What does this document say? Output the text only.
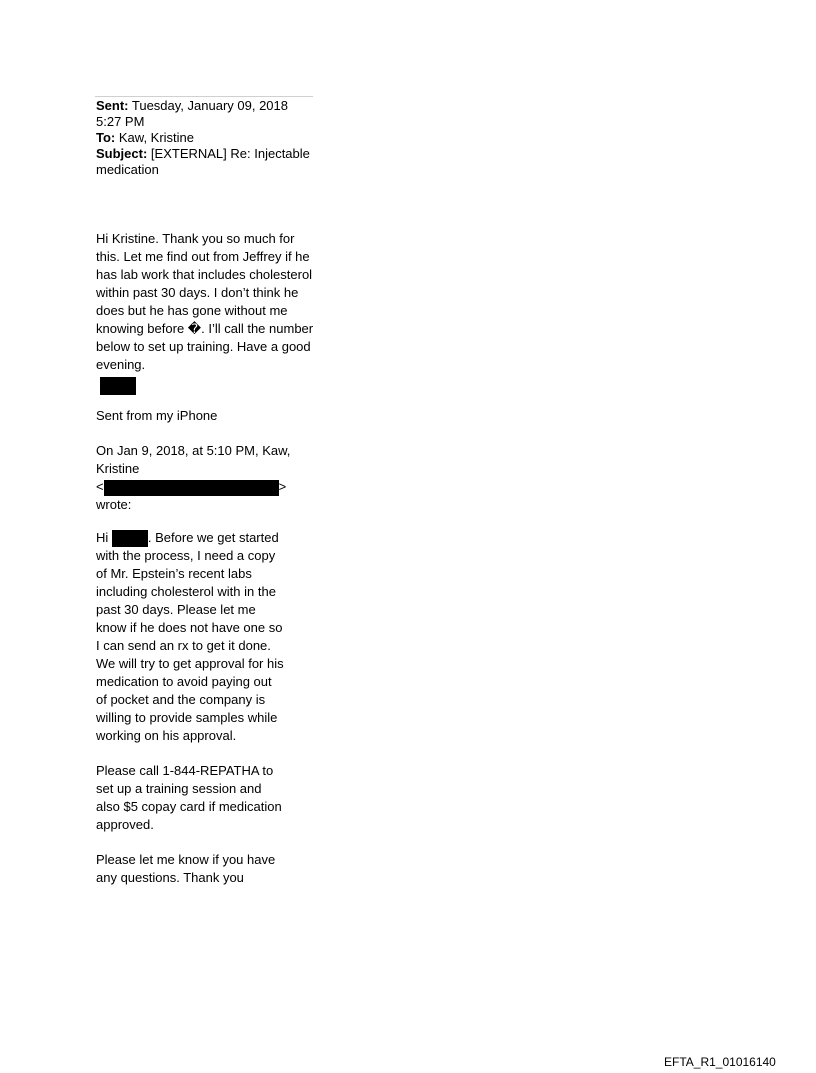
Sent: Tuesday, January 09, 2018 5:27 PM
To: Kaw, Kristine
Subject: [EXTERNAL] Re: Injectable medication

Hi Kristine. Thank you so much for this. Let me find out from Jeffrey if he has lab work that includes cholesterol within past 30 days. I don’t think he does but he has gone without me knowing before �. I’ll call the number below to set up training. Have a good evening.

Sent from my iPhone
On Jan 9, 2018, at 5:10 PM, Kaw, Kristine
<	>
wrote:

Hi	. Before we get started with the process, I need a copy of Mr. Epstein’s recent labs including cholesterol with in the past 30 days. Please let me know if he does not have one so I can send an rx to get it done. We will try to get approval for his medication to avoid paying out of pocket and the company is willing to provide samples while working on his approval.

Please call 1-844-REPATHA to set up a training session and also $5 copay card if medication approved.

Please let me know if you have any questions. Thank you

EFTA_R1_01016140
